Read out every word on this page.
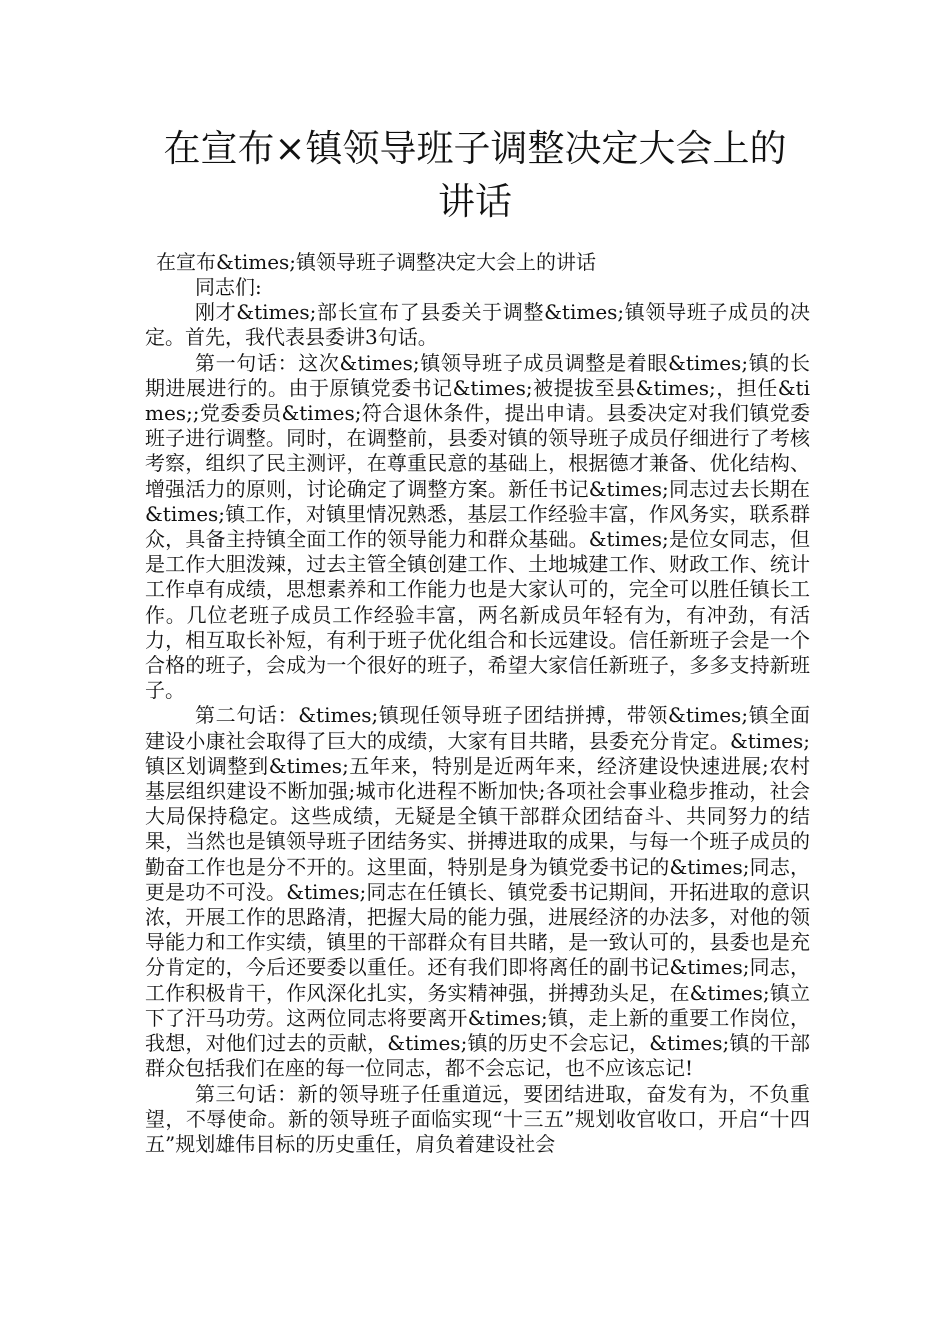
在宣布×镇领导班子调整决定大会上的讲话
在宣布&times;镇领导班子调整决定大会上的讲话

同志们:

刚才&times;部长宣布了县委关于调整&times;镇领导班子成员的决定。首先，我代表县委讲3句话。

第一句话：这次&times;镇领导班子成员调整是着眼&times;镇的长期进展进行的。由于原镇党委书记&times;被提拔至县&times;，担任&times;;党委委员&times;符合退休条件，提出申请。县委决定对我们镇党委班子进行调整。同时，在调整前，县委对镇的领导班子成员仔细进行了考核考察，组织了民主测评，在尊重民意的基础上，根据德才兼备、优化结构、增强活力的原则，讨论确定了调整方案。新任书记&times;同志过去长期在&times;镇工作，对镇里情况熟悉，基层工作经验丰富，作风务实，联系群众，具备主持镇全面工作的领导能力和群众基础。&times;是位女同志，但是工作大胆泼辣，过去主管全镇创建工作、土地城建工作、财政工作、统计工作卓有成绩，思想素养和工作能力也是大家认可的，完全可以胜任镇长工作。几位老班子成员工作经验丰富，两名新成员年轻有为，有冲劲，有活力，相互取长补短，有利于班子优化组合和长远建设。信任新班子会是一个合格的班子，会成为一个很好的班子，希望大家信任新班子，多多支持新班子。

第二句话：&times;镇现任领导班子团结拼搏，带领&times;镇全面建设小康社会取得了巨大的成绩，大家有目共睹，县委充分肯定。&times;镇区划调整到&times;五年来，特别是近两年来，经济建设快速进展;农村基层组织建设不断加强;城市化进程不断加快;各项社会事业稳步推动，社会大局保持稳定。这些成绩，无疑是全镇干部群众团结奋斗、共同努力的结果，当然也是镇领导班子团结务实、拼搏进取的成果，与每一个班子成员的勤奋工作也是分不开的。这里面，特别是身为镇党委书记的&times;同志，更是功不可没。&times;同志在任镇长、镇党委书记期间，开拓进取的意识浓，开展工作的思路清，把握大局的能力强，进展经济的办法多，对他的领导能力和工作实绩，镇里的干部群众有目共睹，是一致认可的，县委也是充分肯定的，今后还要委以重任。还有我们即将离任的副书记&times;同志，工作积极肯干，作风深化扎实，务实精神强，拼搏劲头足，在&times;镇立下了汗马功劳。这两位同志将要离开&times;镇，走上新的重要工作岗位，我想，对他们过去的贡献，&times;镇的历史不会忘记，&times;镇的干部群众包括我们在座的每一位同志，都不会忘记，也不应该忘记!

第三句话：新的领导班子任重道远，要团结进取，奋发有为，不负重望，不辱使命。新的领导班子面临实现“十三五”规划收官收口，开启“十四五”规划雄伟目标的历史重任，肩负着建设社会
